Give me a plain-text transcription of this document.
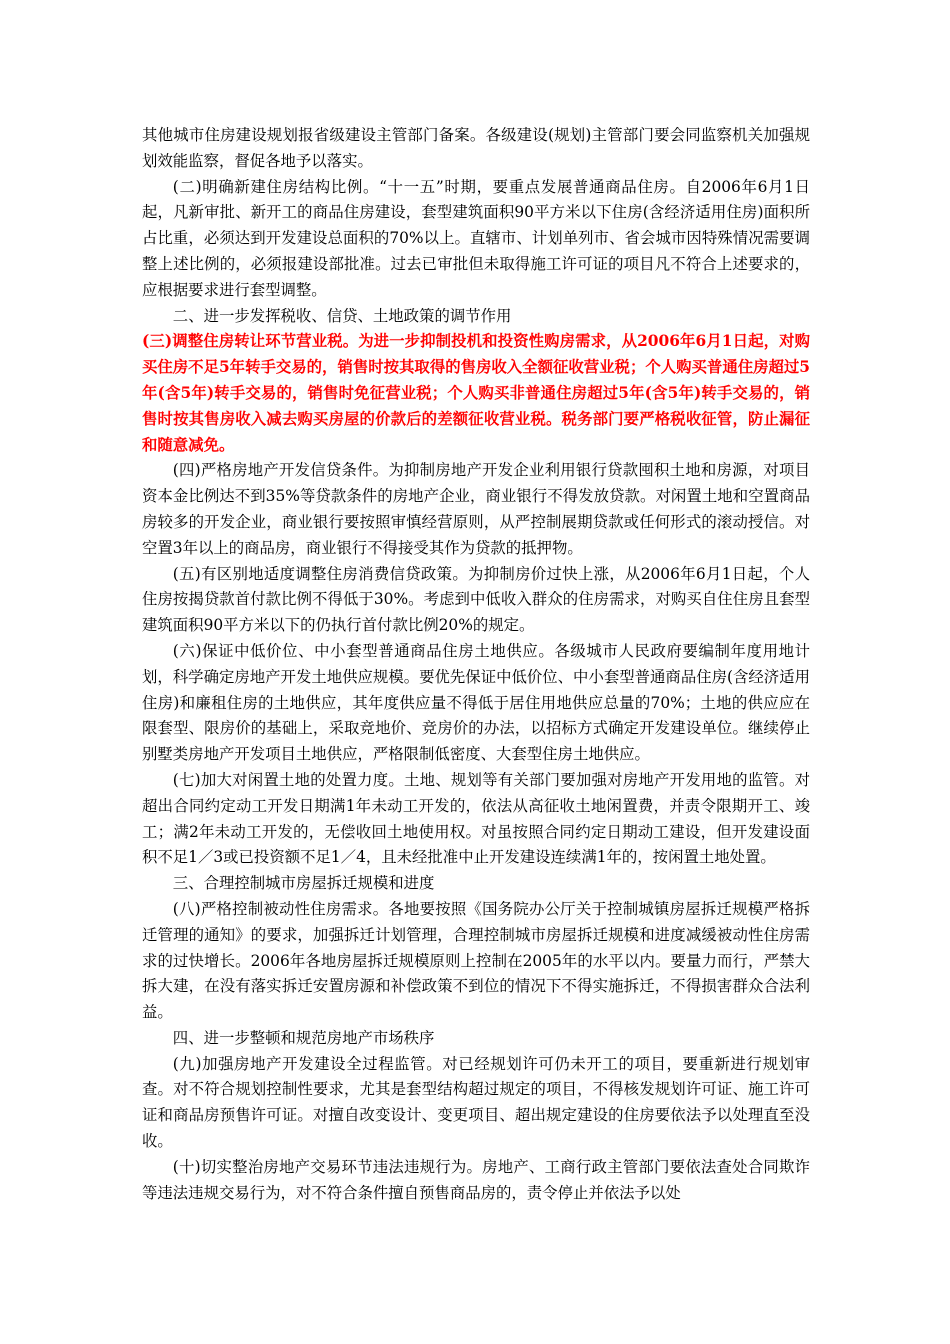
其他城市住房建设规划报省级建设主管部门备案。各级建设(规划)主管部门要会同监察机关加强规划效能监察，督促各地予以落实。

(二)明确新建住房结构比例。“十一五”时期，要重点发展普通商品住房。自2006年6月1日起，凡新审批、新开工的商品住房建设，套型建筑面积90平方米以下住房(含经济适用住房)面积所占比重，必须达到开发建设总面积的70%以上。直辖市、计划单列市、省会城市因特殊情况需要调整上述比例的，必须报建设部批准。过去已审批但未取得施工许可证的项目凡不符合上述要求的，应根据要求进行套型调整。

二、进一步发挥税收、信贷、土地政策的调节作用

(三)调整住房转让环节营业税。为进一步抑制投机和投资性购房需求，从2006年6月1日起，对购买住房不足5年转手交易的，销售时按其取得的售房收入全额征收营业税；个人购买普通住房超过5年(含5年)转手交易的，销售时免征营业税；个人购买非普通住房超过5年(含5年)转手交易的，销售时按其售房收入减去购买房屋的价款后的差额征收营业税。税务部门要严格税收征管，防止漏征和随意减免。

(四)严格房地产开发信贷条件。为抑制房地产开发企业利用银行贷款囤积土地和房源，对项目资本金比例达不到35%等贷款条件的房地产企业，商业银行不得发放贷款。对闲置土地和空置商品房较多的开发企业，商业银行要按照审慎经营原则，从严控制展期贷款或任何形式的滚动授信。对空置3年以上的商品房，商业银行不得接受其作为贷款的抵押物。

(五)有区别地适度调整住房消费信贷政策。为抑制房价过快上涨，从2006年6月1日起，个人住房按揭贷款首付款比例不得低于30%。考虑到中低收入群众的住房需求，对购买自住住房且套型建筑面积90平方米以下的仍执行首付款比例20%的规定。

(六)保证中低价位、中小套型普通商品住房土地供应。各级城市人民政府要编制年度用地计划，科学确定房地产开发土地供应规模。要优先保证中低价位、中小套型普通商品住房(含经济适用住房)和廉租住房的土地供应，其年度供应量不得低于居住用地供应总量的70%；土地的供应应在限套型、限房价的基础上，采取竞地价、竞房价的办法，以招标方式确定开发建设单位。继续停止别墅类房地产开发项目土地供应，严格限制低密度、大套型住房土地供应。

(七)加大对闲置土地的处置力度。土地、规划等有关部门要加强对房地产开发用地的监管。对超出合同约定动工开发日期满1年未动工开发的，依法从高征收土地闲置费，并责令限期开工、竣工；满2年未动工开发的，无偿收回土地使用权。对虽按照合同约定日期动工建设，但开发建设面积不足1／3或已投资额不足1／4，且未经批准中止开发建设连续满1年的，按闲置土地处置。

三、合理控制城市房屋拆迁规模和进度

(八)严格控制被动性住房需求。各地要按照《国务院办公厅关于控制城镇房屋拆迁规模严格拆迁管理的通知》的要求，加强拆迁计划管理，合理控制城市房屋拆迁规模和进度减缓被动性住房需求的过快增长。2006年各地房屋拆迁规模原则上控制在2005年的水平以内。要量力而行，严禁大拆大建，在没有落实拆迁安置房源和补偿政策不到位的情况下不得实施拆迁，不得损害群众合法利益。

四、进一步整顿和规范房地产市场秩序

(九)加强房地产开发建设全过程监管。对已经规划许可仍未开工的项目，要重新进行规划审查。对不符合规划控制性要求，尤其是套型结构超过规定的项目，不得核发规划许可证、施工许可证和商品房预售许可证。对擅自改变设计、变更项目、超出规定建设的住房要依法予以处理直至没收。

(十)切实整治房地产交易环节违法违规行为。房地产、工商行政主管部门要依法查处合同欺诈等违法违规交易行为，对不符合条件擅自预售商品房的，责令停止并依法予以处
